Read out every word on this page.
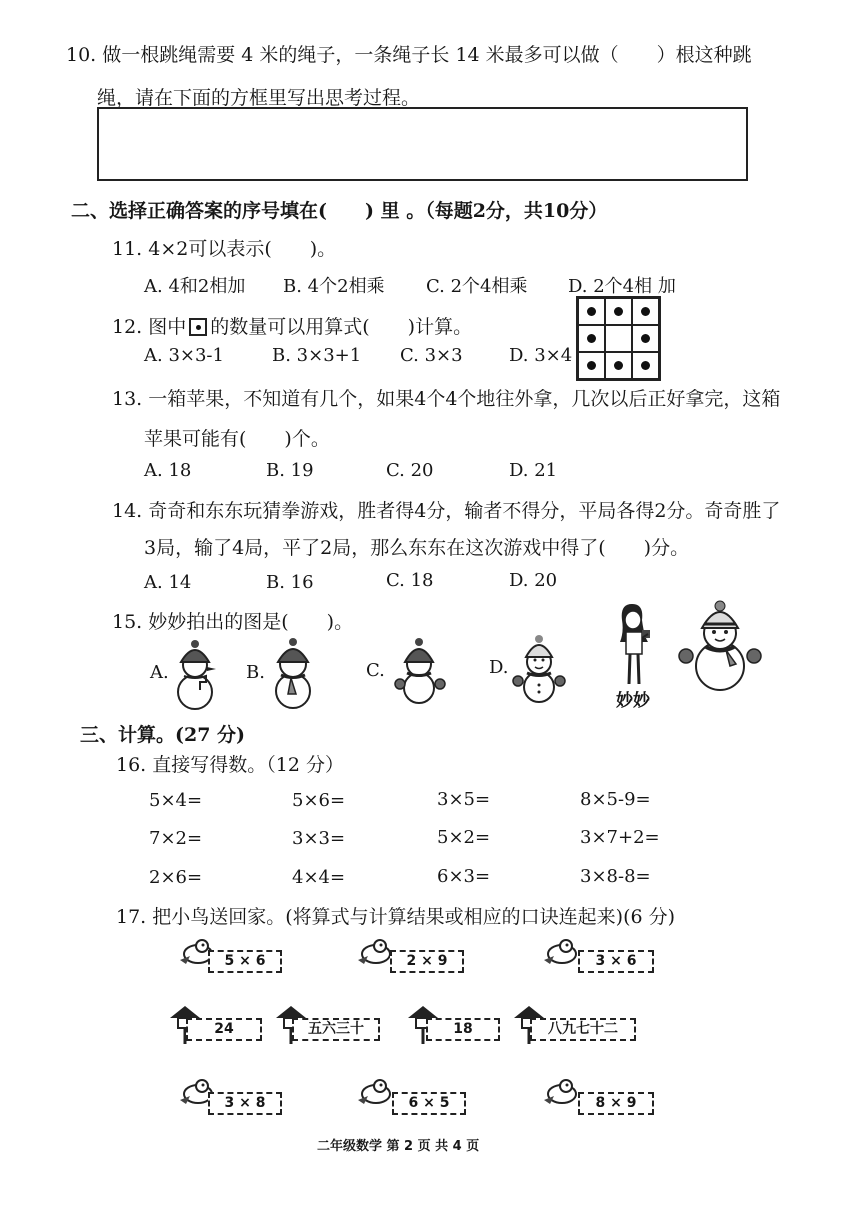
10. 做一根跳绳需要 4 米的绳子，一条绳子长 14 米最多可以做（　　）根这种跳
绳，请在下面的方框里写出思考过程。
二、选择正确答案的序号填在(　　) 里 。（每题2分，共10分）
11. 4×2可以表示(　　)。
A. 4和2相加 B. 4个2相乘 C. 2个4相乘 D. 2个4相 加
12. 图中 的数量可以用算式(　　)计算。
A. 3×3-1	B. 3×3+1 C. 3×3	D. 3×4
13. 一箱苹果，不知道有几个，如果4个4个地往外拿，几次以后正好拿完，这箱
苹果可能有(　　)个。
A. 18	B. 19	C. 20	D. 21
14. 奇奇和东东玩猜拳游戏，胜者得4分，输者不得分，平局各得2分。奇奇胜了
3局，输了4局，平了2局，那么东东在这次游戏中得了(　　)分。
A. 14	B. 16	C. 18	D. 20
15. 妙妙拍出的图是(　　)。
A.	B.	C.	D.
妙妙
三、计算。(27 分)
16. 直接写得数。（12 分）
5×4=	5×6=	3×5=	8×5-9=
7×2=	3×3=	5×2=	3×7+2=
2×6=	4×4=	6×3=	3×8-8=
17. 把小鸟送回家。(将算式与计算结果或相应的口诀连起来)(6 分)
5 × 6	2 × 9	3 × 6
24	五六三十	18	八九七十二
3 × 8	6 × 5	8 × 9
二年级数学 第 2 页 共 4 页
